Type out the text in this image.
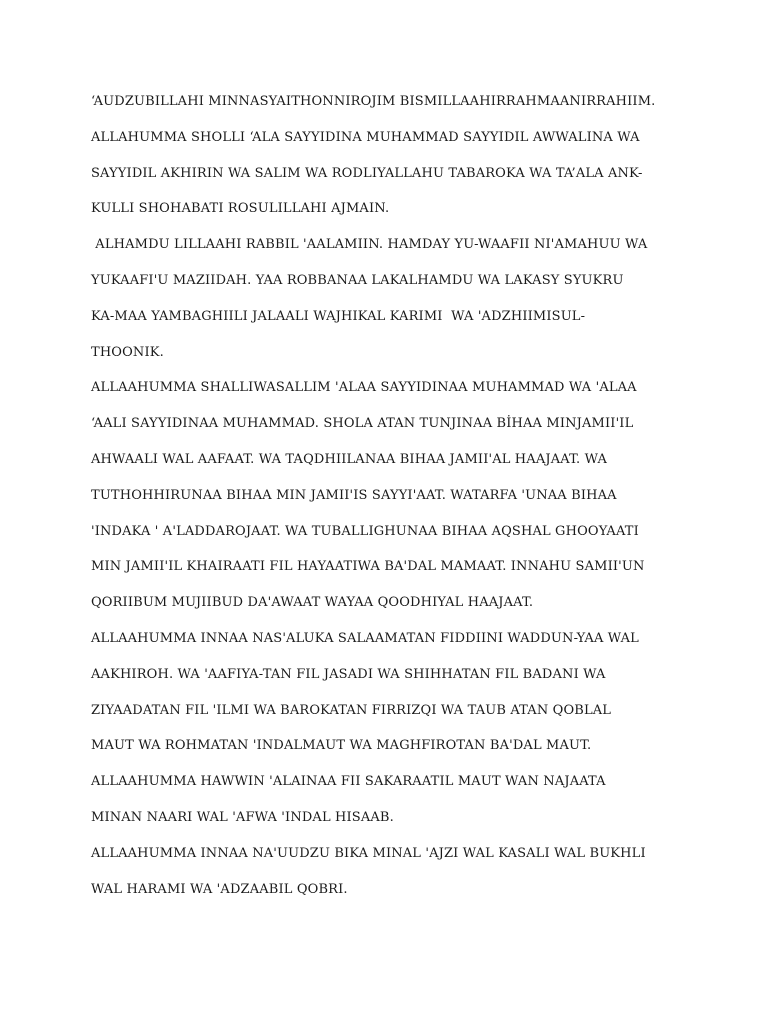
‘AUDZUBILLAHI MINNASYAITHONNIROJIM BISMILLAAHIRRAHMAANIRRAHIIM.

ALLAHUMMA SHOLLI ‘ALA SAYYIDINA MUHAMMAD SAYYIDIL AWWALINA WA

SAYYIDIL AKHIRIN WA SALIM WA RODLIYALLAHU TABAROKA WA TA’ALA ANK-

KULLI SHOHABATI ROSULILLAHI AJMAIN.

ALHAMDU LILLAAHI RABBIL 'AALAMIIN. HAMDAY YU-WAAFII NI'AMAHUU WA

YUKAAFI'U MAZIIDAH. YAA ROBBANAA LAKALHAMDU WA LAKASY SYUKRU

KA-MAA YAMBAGHIILI JALAALI WAJHIKAL KARIMI  WA 'ADZHIIMISUL-

THOONIK.

ALLAAHUMMA SHALLIWASALLIM 'ALAA SAYYIDINAA MUHAMMAD WA 'ALAA

‘AALI SAYYIDINAA MUHAMMAD. SHOLA ATAN TUNJINAA BİHAA MINJAMII'IL

AHWAALI WAL AAFAAT. WA TAQDHIILANAA BIHAA JAMII'AL HAAJAAT. WA

TUTHOHHIRUNAA BIHAA MIN JAMII'IS SAYYI'AAT. WATARFA 'UNAA BIHAA

'INDAKA ' A'LADDAROJAAT. WA TUBALLIGHUNAA BIHAA AQSHAL GHOOYAATI

MIN JAMII'IL KHAIRAATI FIL HAYAATIWA BA'DAL MAMAAT. INNAHU SAMII'UN

QORIIBUM MUJIIBUD DA'AWAAT WAYAA QOODHIYAL HAAJAAT.

ALLAAHUMMA INNAA NAS'ALUKA SALAAMATAN FIDDIINI WADDUN-YAA WAL

AAKHIROH. WA 'AAFIYA-TAN FIL JASADI WA SHIHHATAN FIL BADANI WA

ZIYAADATAN FIL 'ILMI WA BAROKATAN FIRRIZQI WA TAUB ATAN QOBLAL

MAUT WA ROHMATAN 'INDALMAUT WA MAGHFIROTAN BA'DAL MAUT.

ALLAAHUMMA HAWWIN 'ALAINAA FII SAKARAATIL MAUT WAN NAJAATA

MINAN NAARI WAL 'AFWA 'INDAL HISAAB.

ALLAAHUMMA INNAA NA'UUDZU BIKA MINAL 'AJZI WAL KASALI WAL BUKHLI

WAL HARAMI WA 'ADZAABIL QOBRI.
